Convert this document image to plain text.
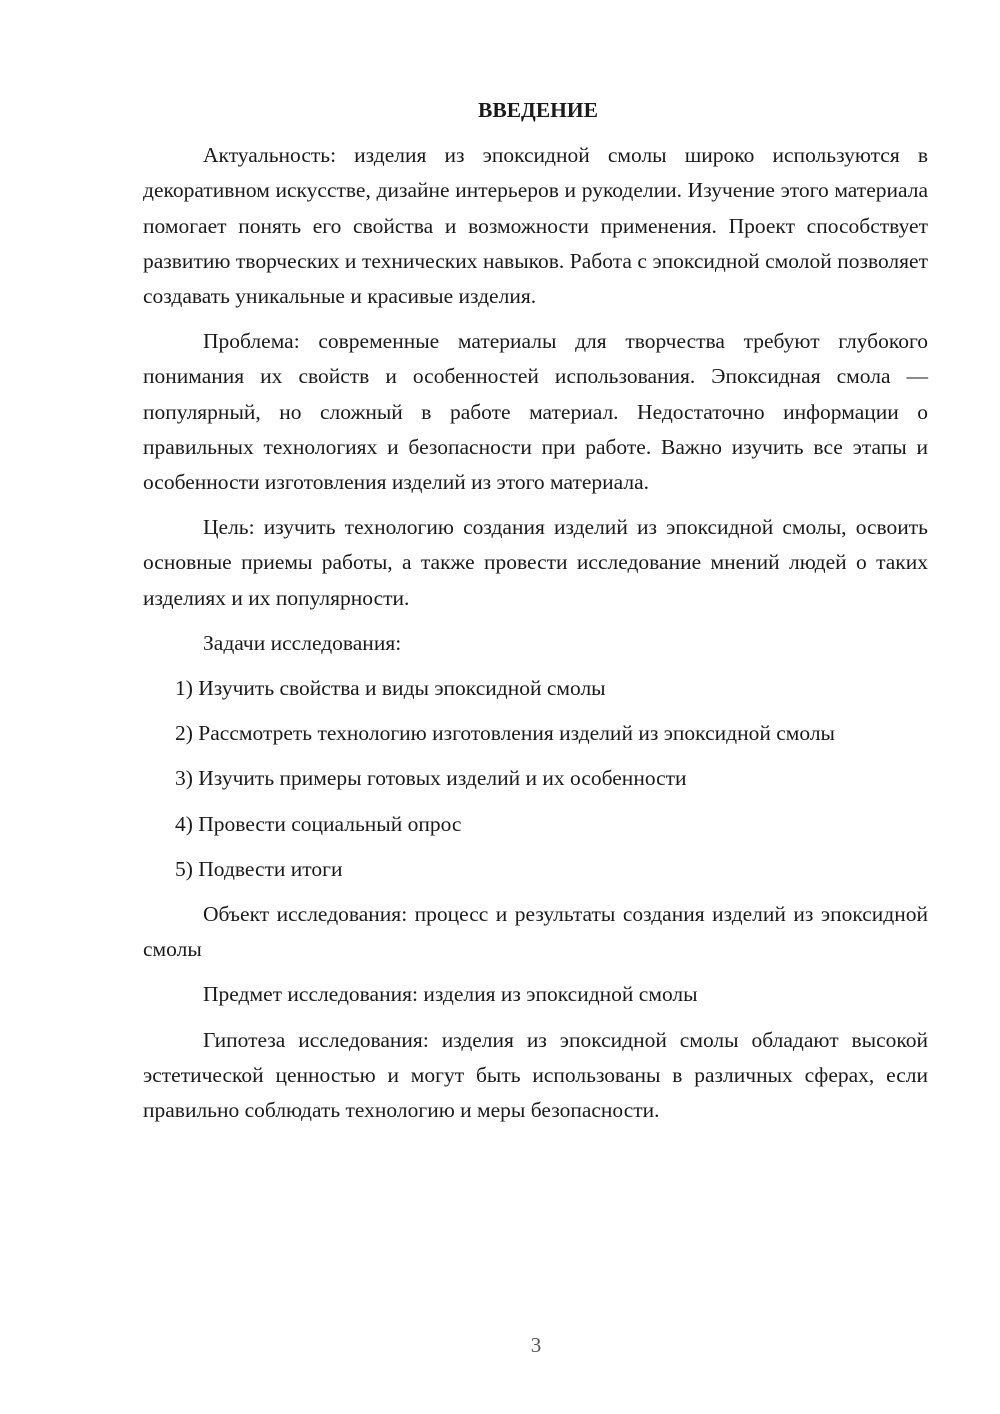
ВВЕДЕНИЕ

Актуальность: изделия из эпоксидной смолы широко используются в декоративном искусстве, дизайне интерьеров и рукоделии. Изучение этого материала помогает понять его свойства и возможности применения. Проект способствует развитию творческих и технических навыков. Работа с эпоксидной смолой позволяет создавать уникальные и красивые изделия.

Проблема: современные материалы для творчества требуют глубокого понимания их свойств и особенностей использования. Эпоксидная смола — популярный, но сложный в работе материал. Недостаточно информации о правильных технологиях и безопасности при работе. Важно изучить все этапы и особенности изготовления изделий из этого материала.

Цель: изучить технологию создания изделий из эпоксидной смолы, освоить основные приемы работы, а также провести исследование мнений людей о таких изделиях и их популярности.

Задачи исследования:

1) Изучить свойства и виды эпоксидной смолы

2) Рассмотреть технологию изготовления изделий из эпоксидной смолы

3) Изучить примеры готовых изделий и их особенности

4) Провести социальный опрос

5) Подвести итоги

Объект исследования: процесс и результаты создания изделий из эпоксидной смолы

Предмет исследования: изделия из эпоксидной смолы

Гипотеза исследования: изделия из эпоксидной смолы обладают высокой эстетической ценностью и могут быть использованы в различных сферах, если правильно соблюдать технологию и меры безопасности.

3
